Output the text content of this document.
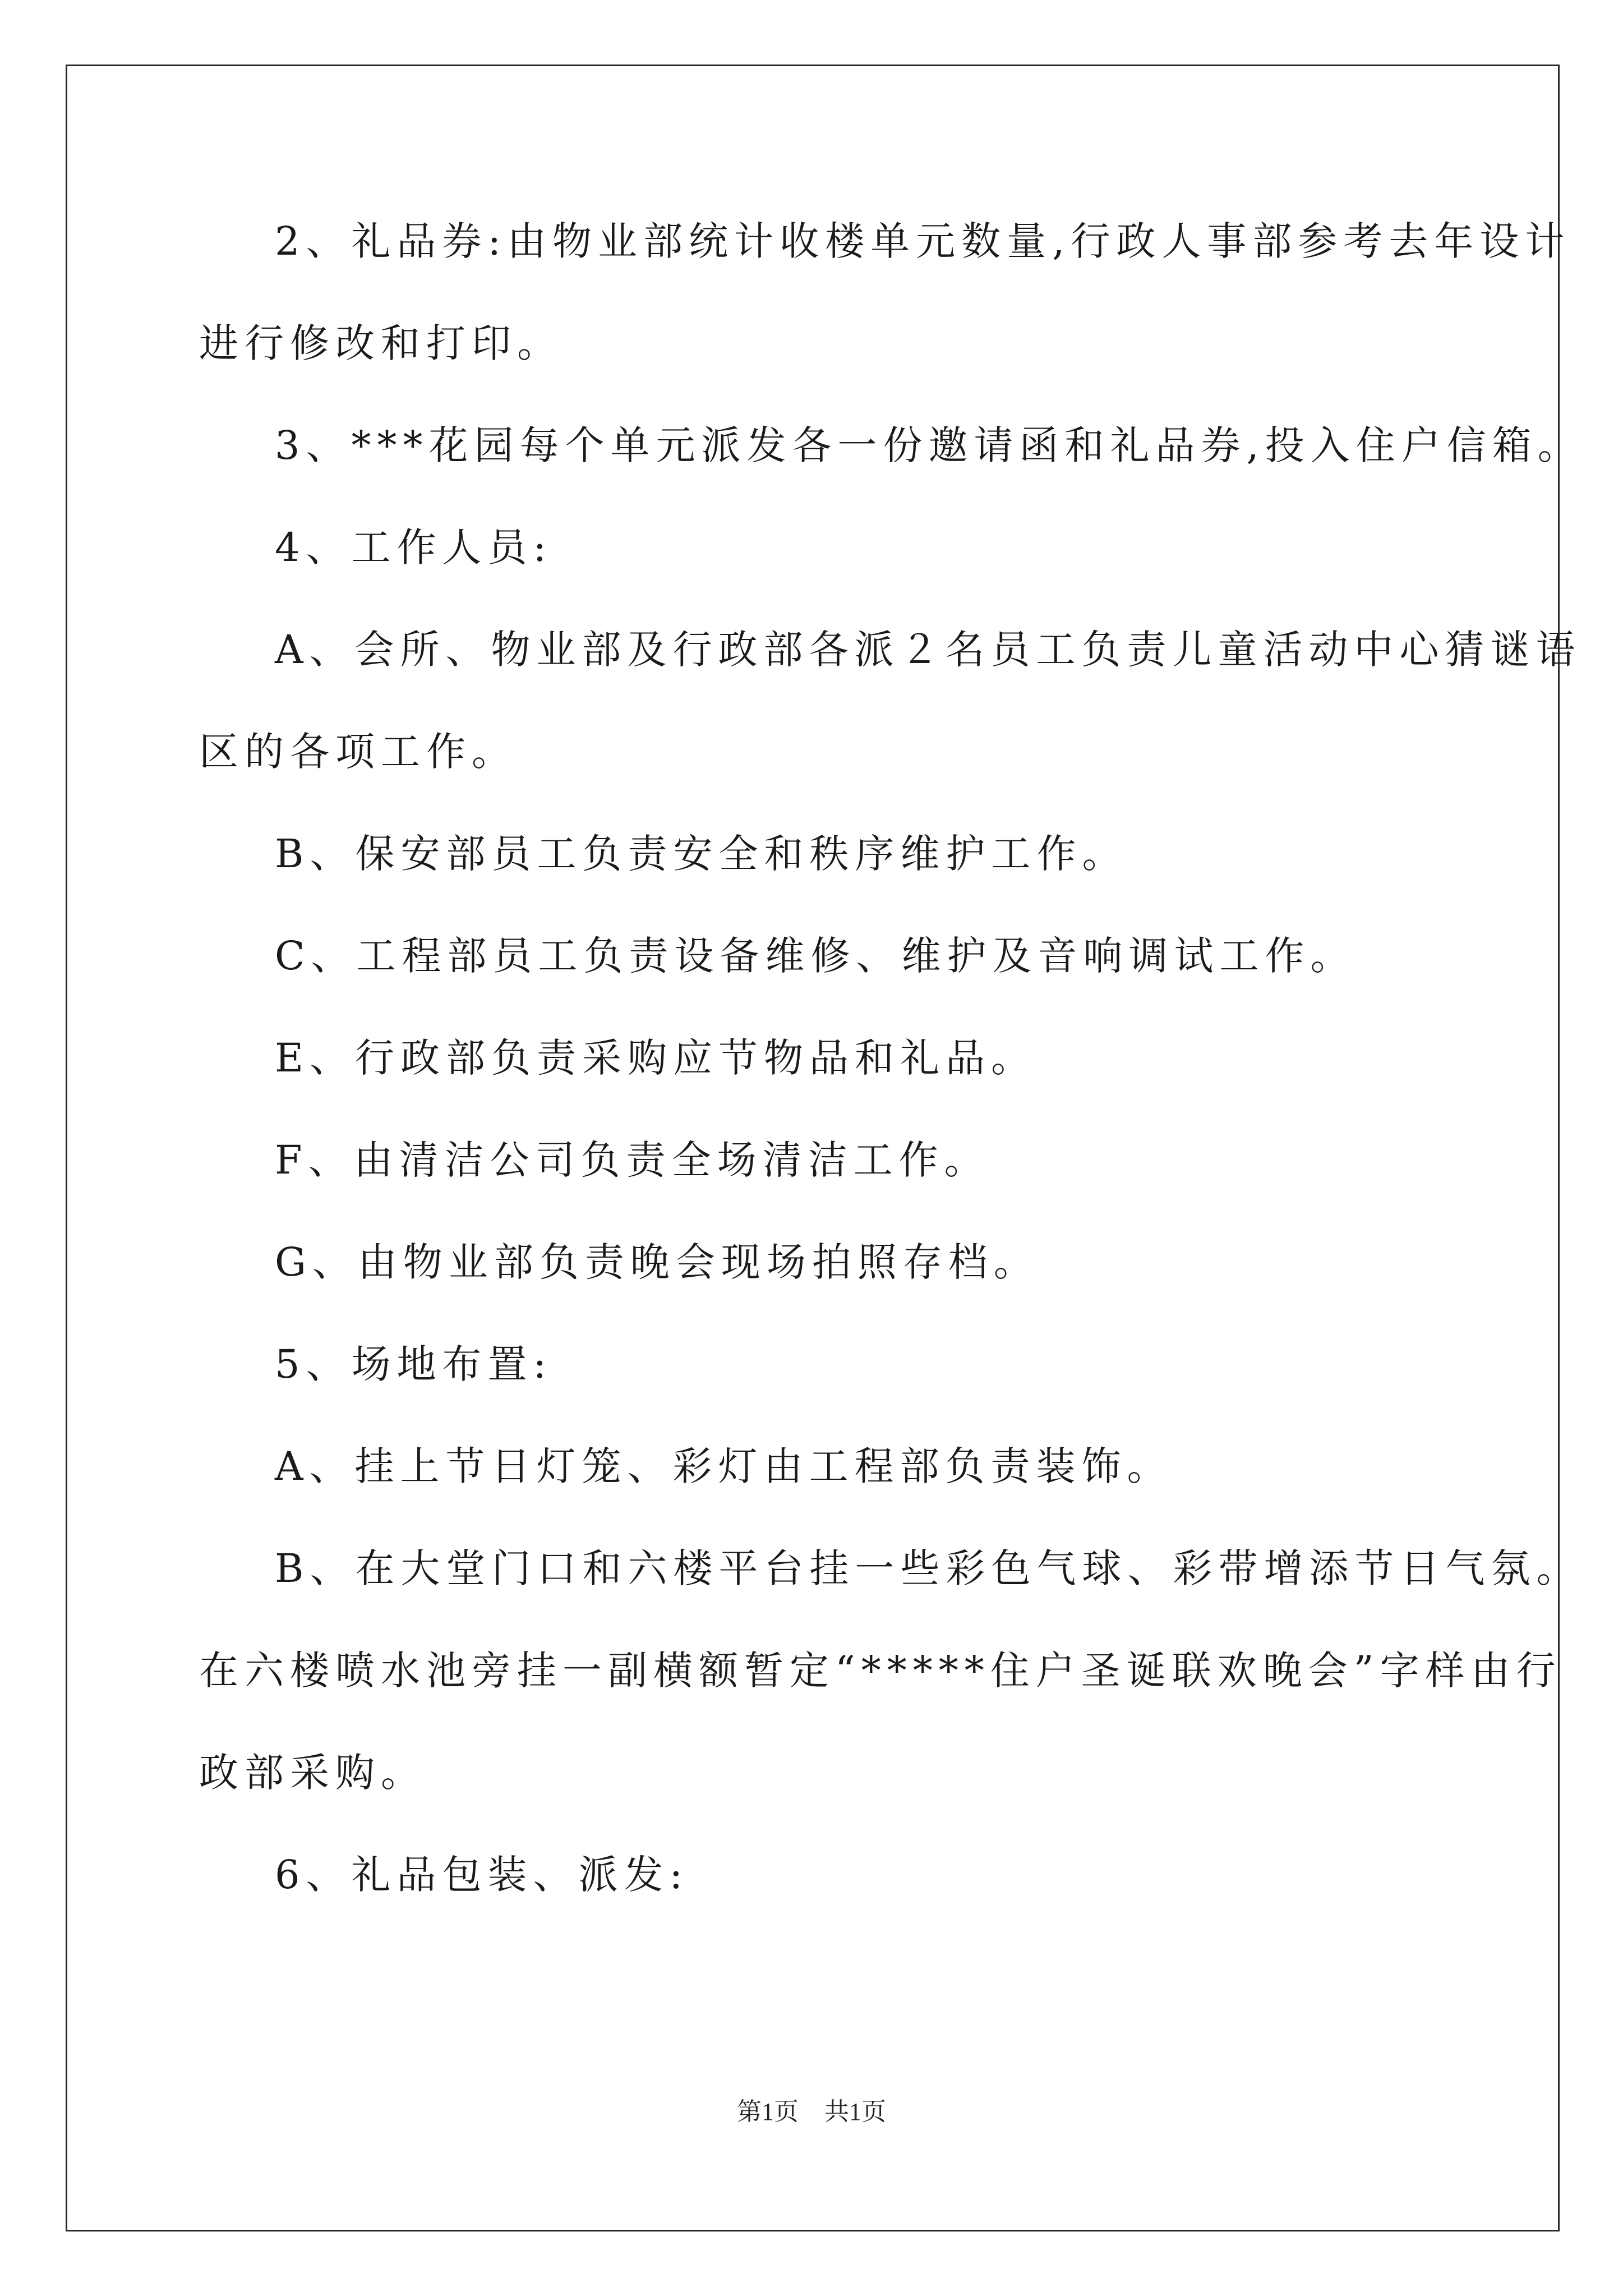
2、礼品券:由物业部统计收楼单元数量,行政人事部参考去年设计
进行修改和打印。
3、***花园每个单元派发各一份邀请函和礼品券,投入住户信箱。
4、工作人员:
A、会所、物业部及行政部各派２名员工负责儿童活动中心猜谜语
区的各项工作。
B、保安部员工负责安全和秩序维护工作。
C、工程部员工负责设备维修、维护及音响调试工作。
E、行政部负责采购应节物品和礼品。
F、由清洁公司负责全场清洁工作。
G、由物业部负责晚会现场拍照存档。
5、场地布置:
A、挂上节日灯笼、彩灯由工程部负责装饰。
B、在大堂门口和六楼平台挂一些彩色气球、彩带增添节日气氛。
在六楼喷水池旁挂一副横额暂定“*****住户圣诞联欢晚会”字样由行
政部采购。
6、礼品包装、派发:
第1页 共1页
